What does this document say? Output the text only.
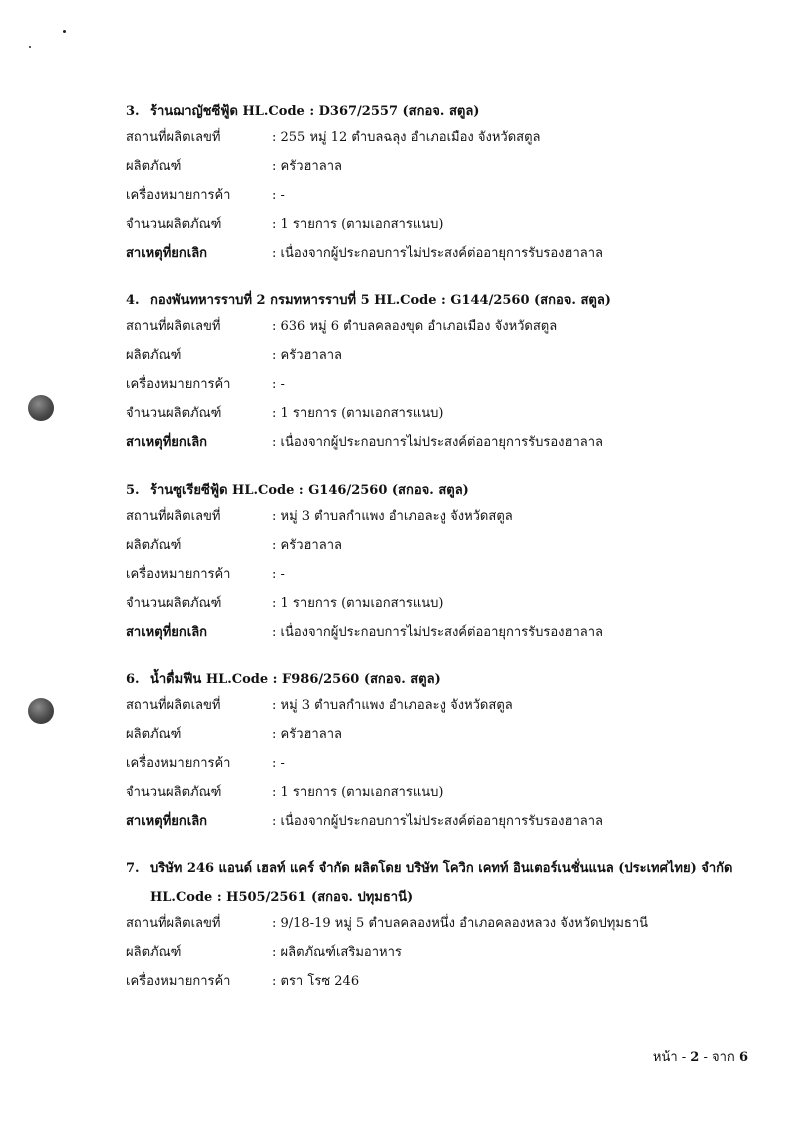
3. ร้านฌาญัชซีฟู้ด HL.Code : D367/2557 (สกอจ. สตูล)
สถานที่ผลิตเลขที่	: 255 หมู่ 12 ตำบลฉลุง อำเภอเมือง จังหวัดสตูล
ผลิตภัณฑ์	: ครัวฮาลาล
เครื่องหมายการค้า	: -
จำนวนผลิตภัณฑ์	: 1 รายการ (ตามเอกสารแนบ)
สาเหตุที่ยกเลิก	: เนื่องจากผู้ประกอบการไม่ประสงค์ต่ออายุการรับรองฮาลาล
4. กองพันทหารราบที่ 2 กรมทหารราบที่ 5 HL.Code : G144/2560 (สกอจ. สตูล)
สถานที่ผลิตเลขที่	: 636 หมู่ 6 ตำบลคลองขุด อำเภอเมือง จังหวัดสตูล
ผลิตภัณฑ์	: ครัวฮาลาล
เครื่องหมายการค้า	: -
จำนวนผลิตภัณฑ์	: 1 รายการ (ตามเอกสารแนบ)
สาเหตุที่ยกเลิก	: เนื่องจากผู้ประกอบการไม่ประสงค์ต่ออายุการรับรองฮาลาล
5. ร้านซูเรียซีฟู้ด HL.Code : G146/2560 (สกอจ. สตูล)
สถานที่ผลิตเลขที่	: หมู่ 3 ตำบลกำแพง อำเภอละงู จังหวัดสตูล
ผลิตภัณฑ์	: ครัวฮาลาล
เครื่องหมายการค้า	: -
จำนวนผลิตภัณฑ์	: 1 รายการ (ตามเอกสารแนบ)
สาเหตุที่ยกเลิก	: เนื่องจากผู้ประกอบการไม่ประสงค์ต่ออายุการรับรองฮาลาล
6. น้ำดื่มฟีน HL.Code : F986/2560 (สกอจ. สตูล)
สถานที่ผลิตเลขที่	: หมู่ 3 ตำบลกำแพง อำเภอละงู จังหวัดสตูล
ผลิตภัณฑ์	: ครัวฮาลาล
เครื่องหมายการค้า	: -
จำนวนผลิตภัณฑ์	: 1 รายการ (ตามเอกสารแนบ)
สาเหตุที่ยกเลิก	: เนื่องจากผู้ประกอบการไม่ประสงค์ต่ออายุการรับรองฮาลาล
7. บริษัท 246 แอนด์ เฮลท์ แคร์ จำกัด ผลิตโดย บริษัท โควิก เคทท์ อินเตอร์เนชั่นแนล (ประเทศไทย) จำกัด
HL.Code : H505/2561 (สกอจ. ปทุมธานี)
สถานที่ผลิตเลขที่	: 9/18-19 หมู่ 5 ตำบลคลองหนึ่ง อำเภอคลองหลวง จังหวัดปทุมธานี
ผลิตภัณฑ์	: ผลิตภัณฑ์เสริมอาหาร
เครื่องหมายการค้า	: ตรา โรซ 246
หน้า - 2 - จาก 6
